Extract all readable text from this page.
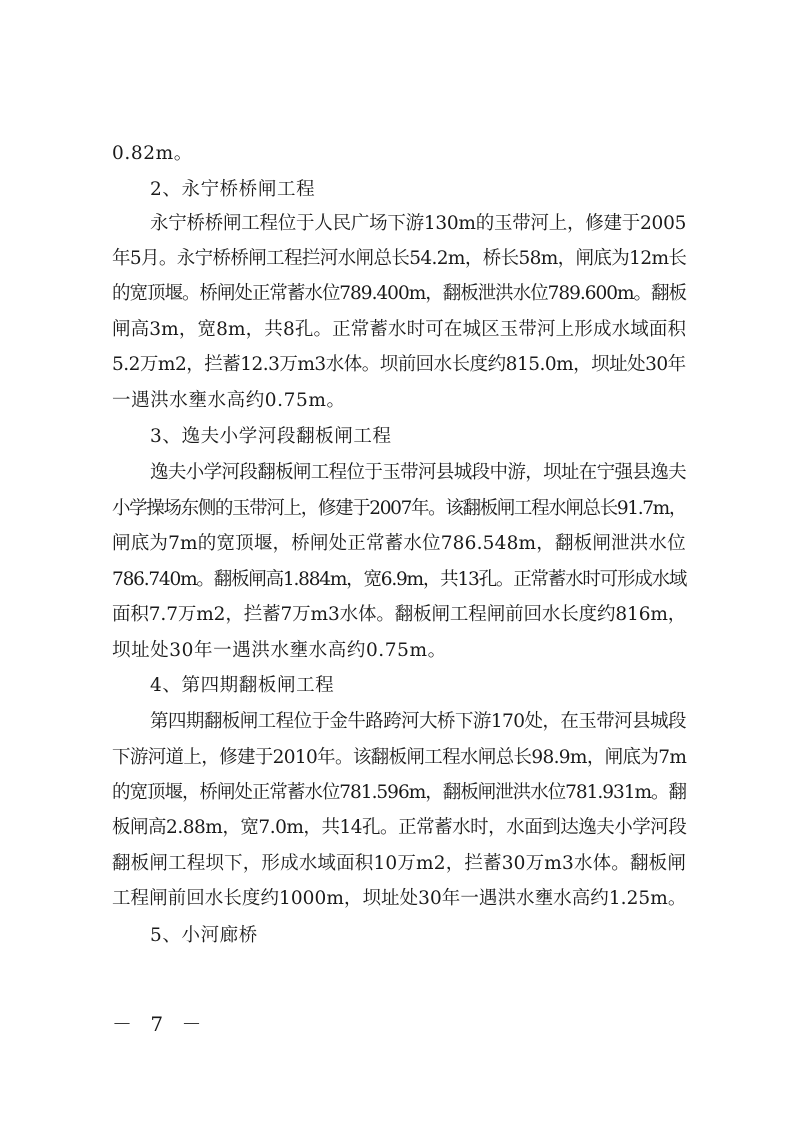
0.82m。
2、永宁桥桥闸工程
永宁桥桥闸工程位于人民广场下游130m的玉带河上，修建于2005
年5月。永宁桥桥闸工程拦河水闸总长54.2m，桥长58m，闸底为12m长
的宽顶堰。桥闸处正常蓄水位789.400m，翻板泄洪水位789.600m。翻板
闸高3m，宽8m，共8孔。正常蓄水时可在城区玉带河上形成水域面积
5.2万m2，拦蓄12.3万m3水体。坝前回水长度约815.0m，坝址处30年
一遇洪水壅水高约0.75m。
3、逸夫小学河段翻板闸工程
逸夫小学河段翻板闸工程位于玉带河县城段中游，坝址在宁强县逸夫
小学操场东侧的玉带河上，修建于2007年。该翻板闸工程水闸总长91.7m，
闸底为7m的宽顶堰，桥闸处正常蓄水位786.548m，翻板闸泄洪水位
786.740m。翻板闸高1.884m，宽6.9m，共13孔。正常蓄水时可形成水域
面积7.7万m2，拦蓄7万m3水体。翻板闸工程闸前回水长度约816m，
坝址处30年一遇洪水壅水高约0.75m。
4、第四期翻板闸工程
第四期翻板闸工程位于金牛路跨河大桥下游170处，在玉带河县城段
下游河道上，修建于2010年。该翻板闸工程水闸总长98.9m，闸底为7m
的宽顶堰，桥闸处正常蓄水位781.596m，翻板闸泄洪水位781.931m。翻
板闸高2.88m，宽7.0m，共14孔。正常蓄水时，水面到达逸夫小学河段
翻板闸工程坝下，形成水域面积10万m2，拦蓄30万m3水体。翻板闸
工程闸前回水长度约1000m，坝址处30年一遇洪水壅水高约1.25m。
5、小河廊桥
－ 7 －
